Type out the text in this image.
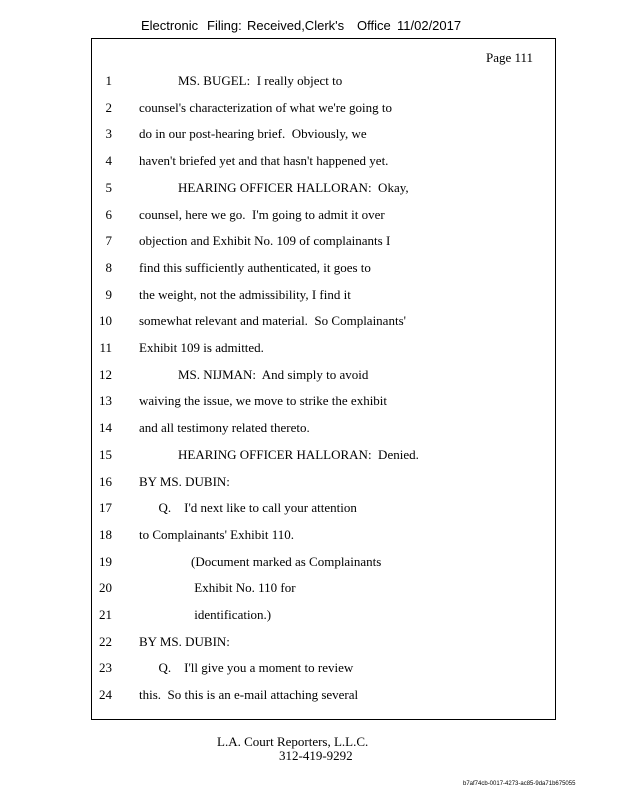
Electronic Filing: Received,Clerk's Office 11/02/2017
Page 111
1 MS. BUGEL:  I really object to
2 counsel's characterization of what we're going to
3 do in our post-hearing brief.  Obviously, we
4 haven't briefed yet and that hasn't happened yet.
5 HEARING OFFICER HALLORAN:  Okay,
6 counsel, here we go.  I'm going to admit it over
7 objection and Exhibit No. 109 of complainants I
8 find this sufficiently authenticated, it goes to
9 the weight, not the admissibility, I find it
10 somewhat relevant and material.  So Complainants'
11 Exhibit 109 is admitted.
12 MS. NIJMAN:  And simply to avoid
13 waiving the issue, we move to strike the exhibit
14 and all testimony related thereto.
15 HEARING OFFICER HALLORAN:  Denied.
16 BY MS. DUBIN:
17 Q.    I'd next like to call your attention
18 to Complainants' Exhibit 110.
19 (Document marked as Complainants
20 Exhibit No. 110 for
21 identification.)
22 BY MS. DUBIN:
23 Q.    I'll give you a moment to review
24 this.  So this is an e-mail attaching several
L.A. Court Reporters, L.L.C.
312-419-9292
b7af74cb-0017-4273-ac85-9da71b675055
